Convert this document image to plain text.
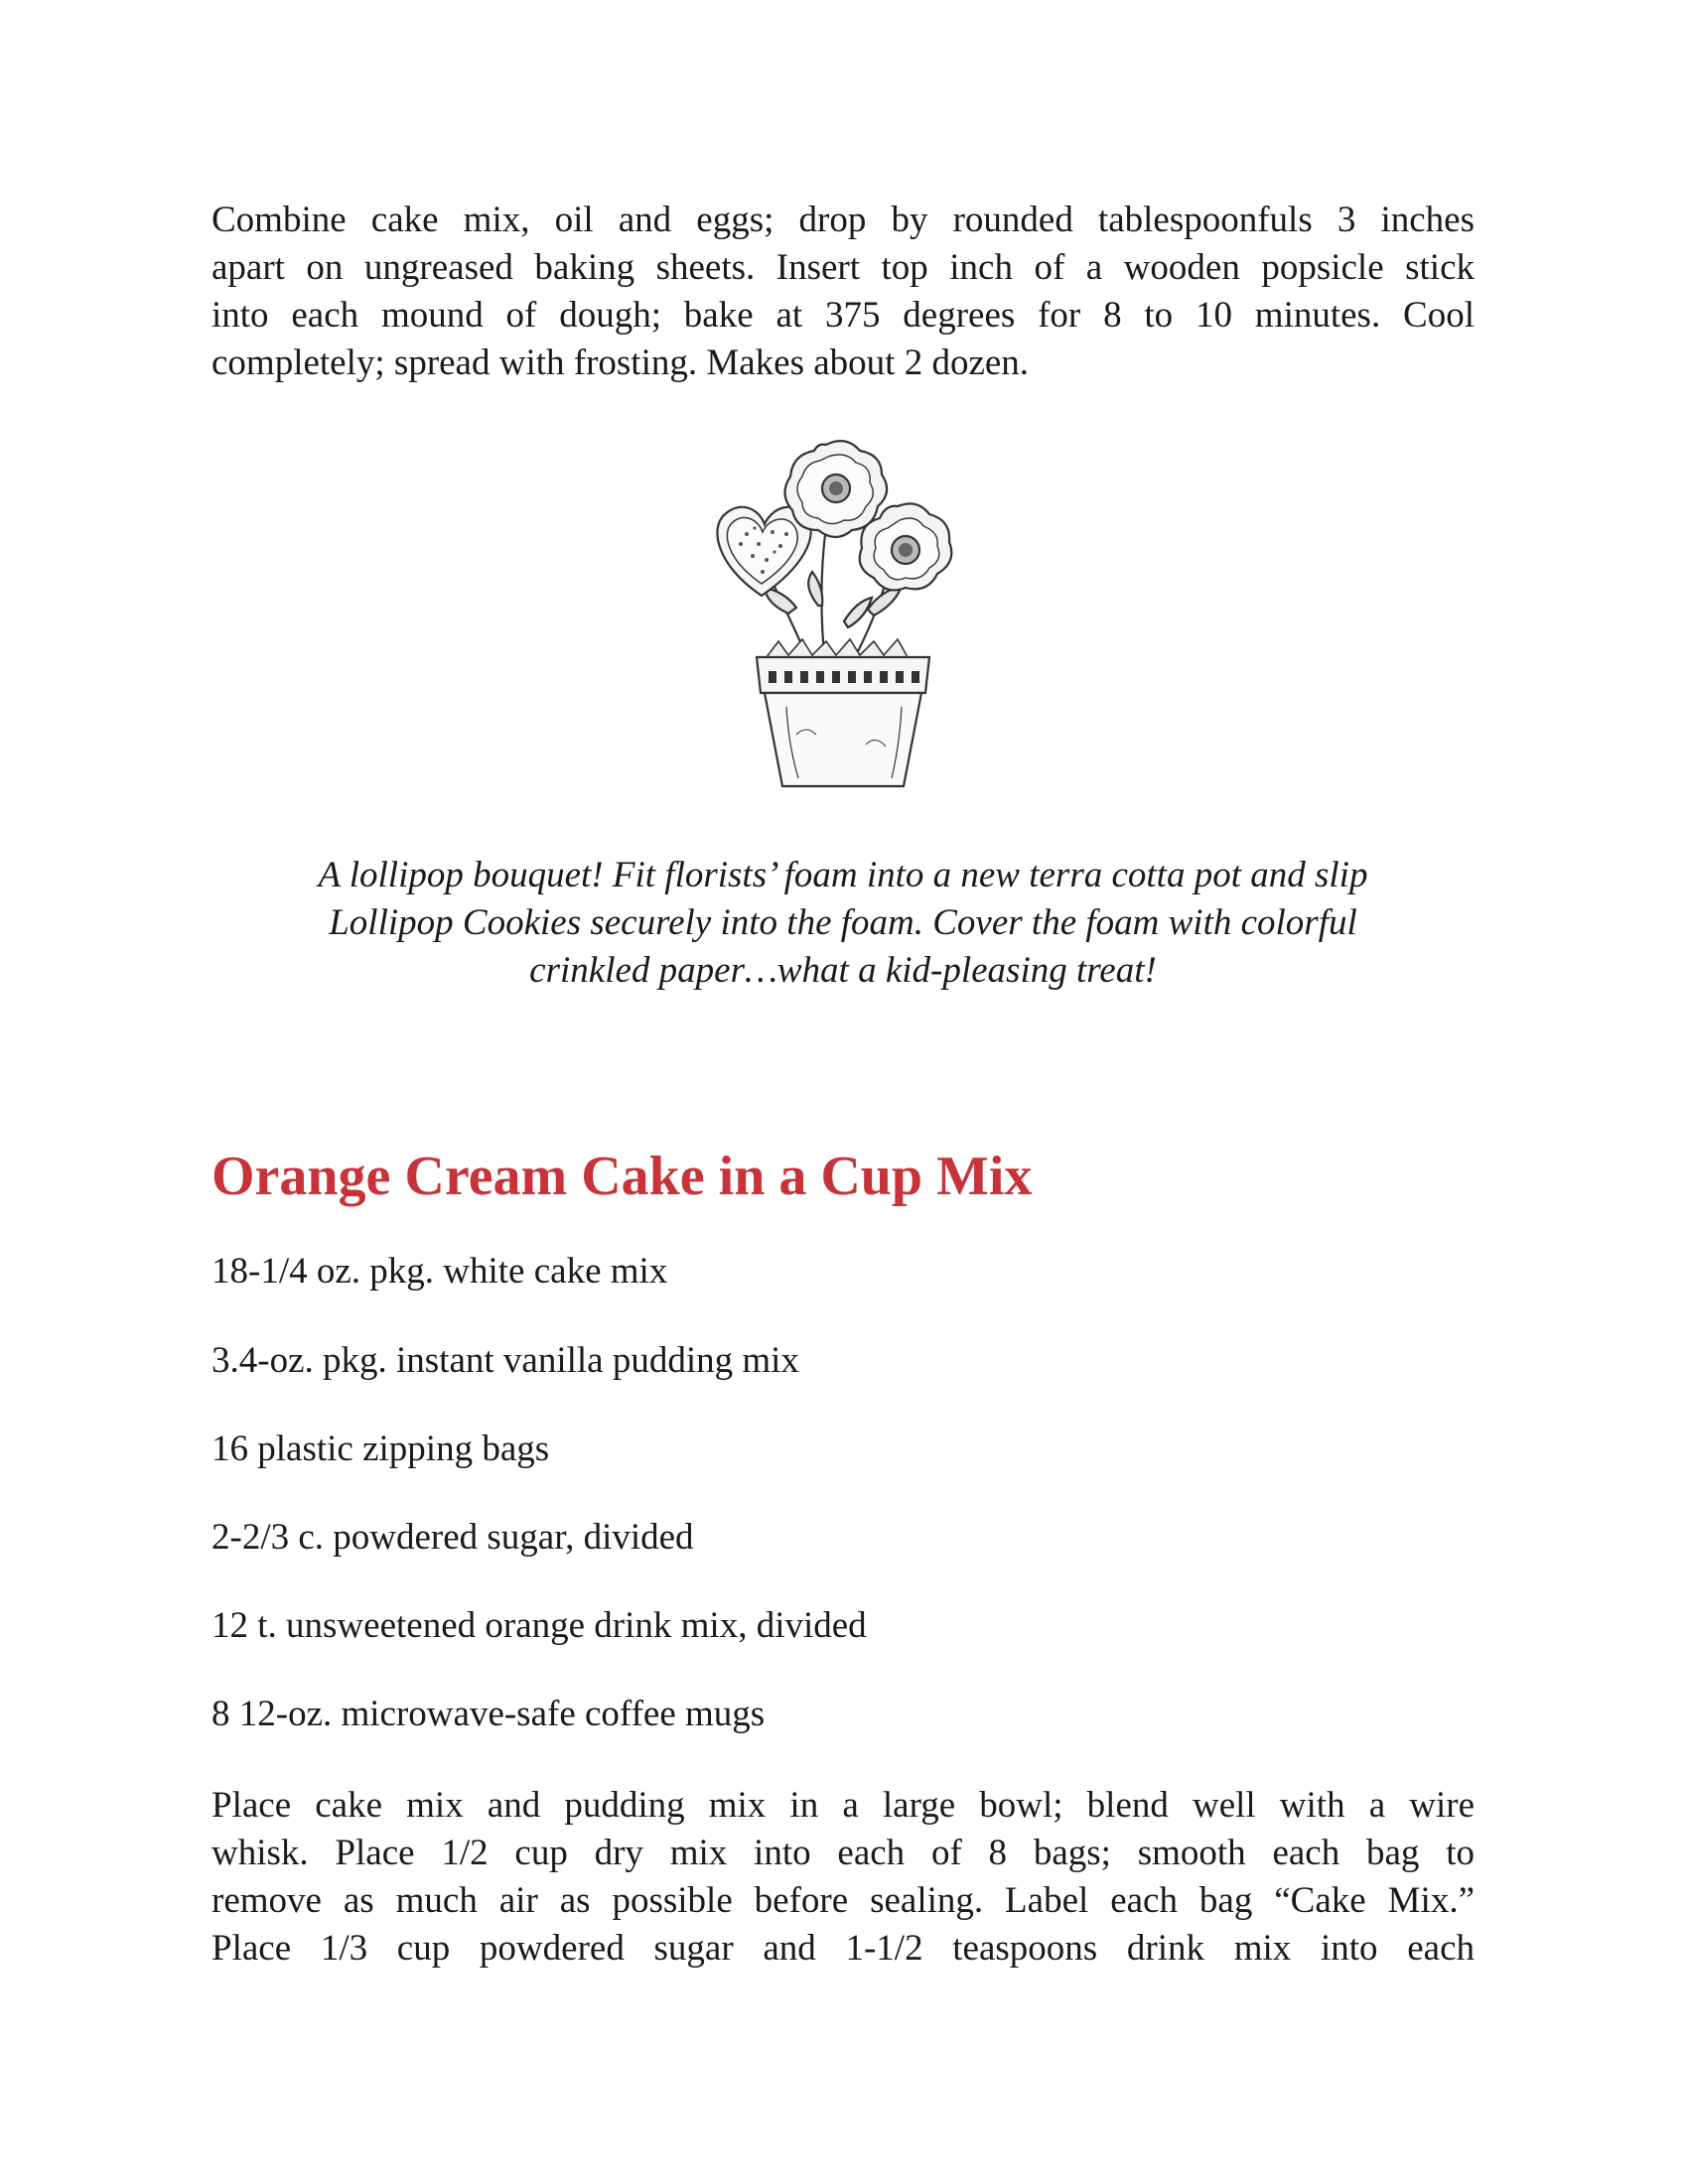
Combine cake mix, oil and eggs; drop by rounded tablespoonfuls 3 inches
apart on ungreased baking sheets. Insert top inch of a wooden popsicle stick
into each mound of dough; bake at 375 degrees for 8 to 10 minutes. Cool
completely; spread with frosting. Makes about 2 dozen.

A lollipop bouquet! Fit florists’ foam into a new terra cotta pot and slip
Lollipop Cookies securely into the foam. Cover the foam with colorful
crinkled paper…what a kid-pleasing treat!

Orange Cream Cake in a Cup Mix

18-1/4 oz. pkg. white cake mix

3.4-oz. pkg. instant vanilla pudding mix

16 plastic zipping bags

2-2/3 c. powdered sugar, divided

12 t. unsweetened orange drink mix, divided

8 12-oz. microwave-safe coffee mugs

Place cake mix and pudding mix in a large bowl; blend well with a wire
whisk. Place 1/2 cup dry mix into each of 8 bags; smooth each bag to
remove as much air as possible before sealing. Label each bag “Cake Mix.”
Place 1/3 cup powdered sugar and 1-1/2 teaspoons drink mix into each
